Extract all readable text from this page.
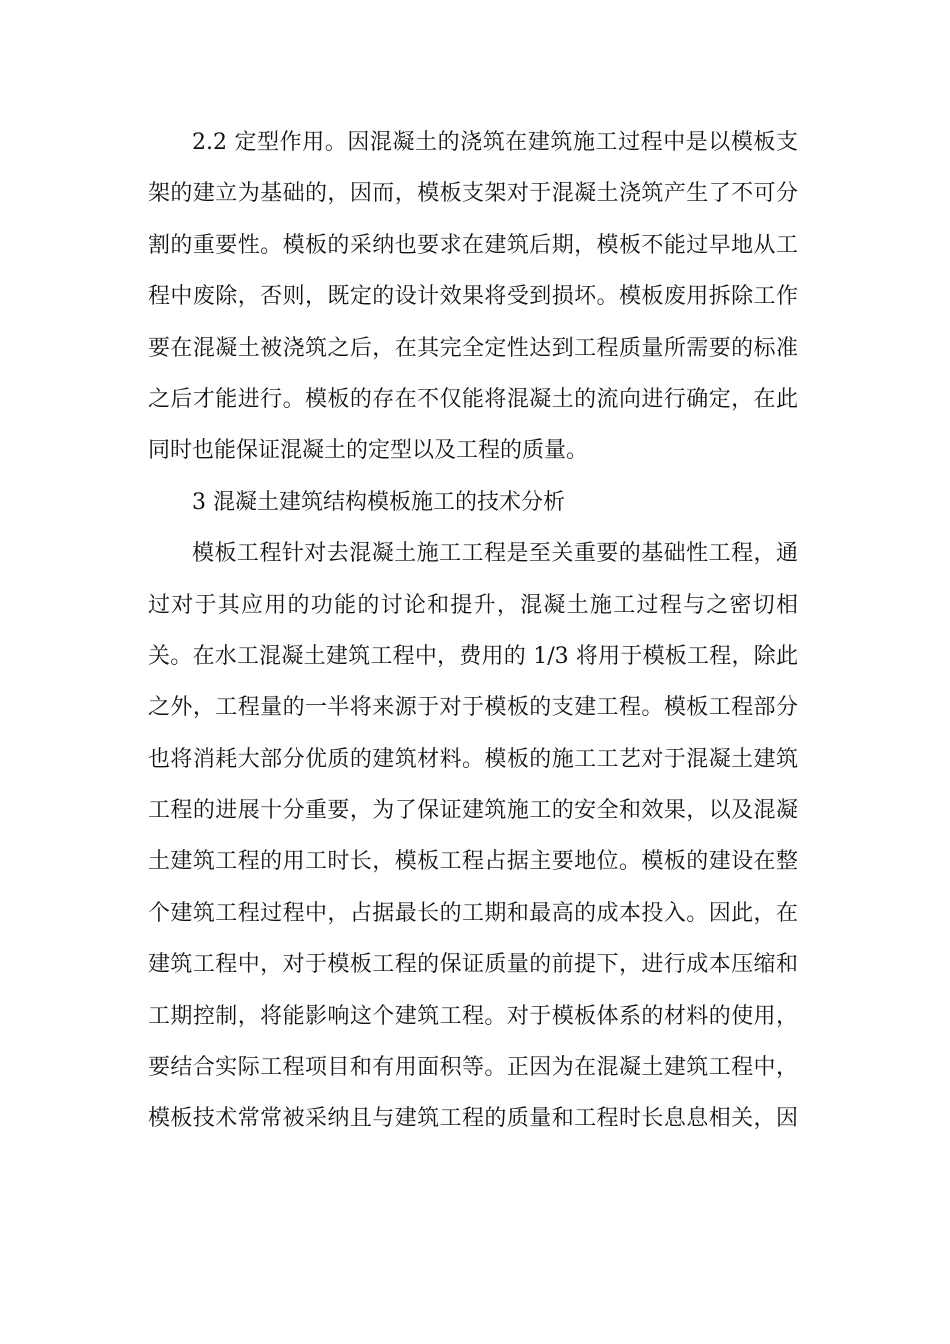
2.2 定型作用。因混凝土的浇筑在建筑施工过程中是以模板支
架的建立为基础的，因而，模板支架对于混凝土浇筑产生了不可分
割的重要性。模板的采纳也要求在建筑后期，模板不能过早地从工
程中废除，否则，既定的设计效果将受到损坏。模板废用拆除工作
要在混凝土被浇筑之后，在其完全定性达到工程质量所需要的标准
之后才能进行。模板的存在不仅能将混凝土的流向进行确定，在此
同时也能保证混凝土的定型以及工程的质量。
3 混凝土建筑结构模板施工的技术分析
模板工程针对去混凝土施工工程是至关重要的基础性工程，通
过对于其应用的功能的讨论和提升，混凝土施工过程与之密切相
关。在水工混凝土建筑工程中，费用的 1/3 将用于模板工程，除此
之外，工程量的一半将来源于对于模板的支建工程。模板工程部分
也将消耗大部分优质的建筑材料。模板的施工工艺对于混凝土建筑
工程的进展十分重要，为了保证建筑施工的安全和效果，以及混凝
土建筑工程的用工时长，模板工程占据主要地位。模板的建设在整
个建筑工程过程中，占据最长的工期和最高的成本投入。因此，在
建筑工程中，对于模板工程的保证质量的前提下，进行成本压缩和
工期控制，将能影响这个建筑工程。对于模板体系的材料的使用，
要结合实际工程项目和有用面积等。正因为在混凝土建筑工程中，
模板技术常常被采纳且与建筑工程的质量和工程时长息息相关，因
